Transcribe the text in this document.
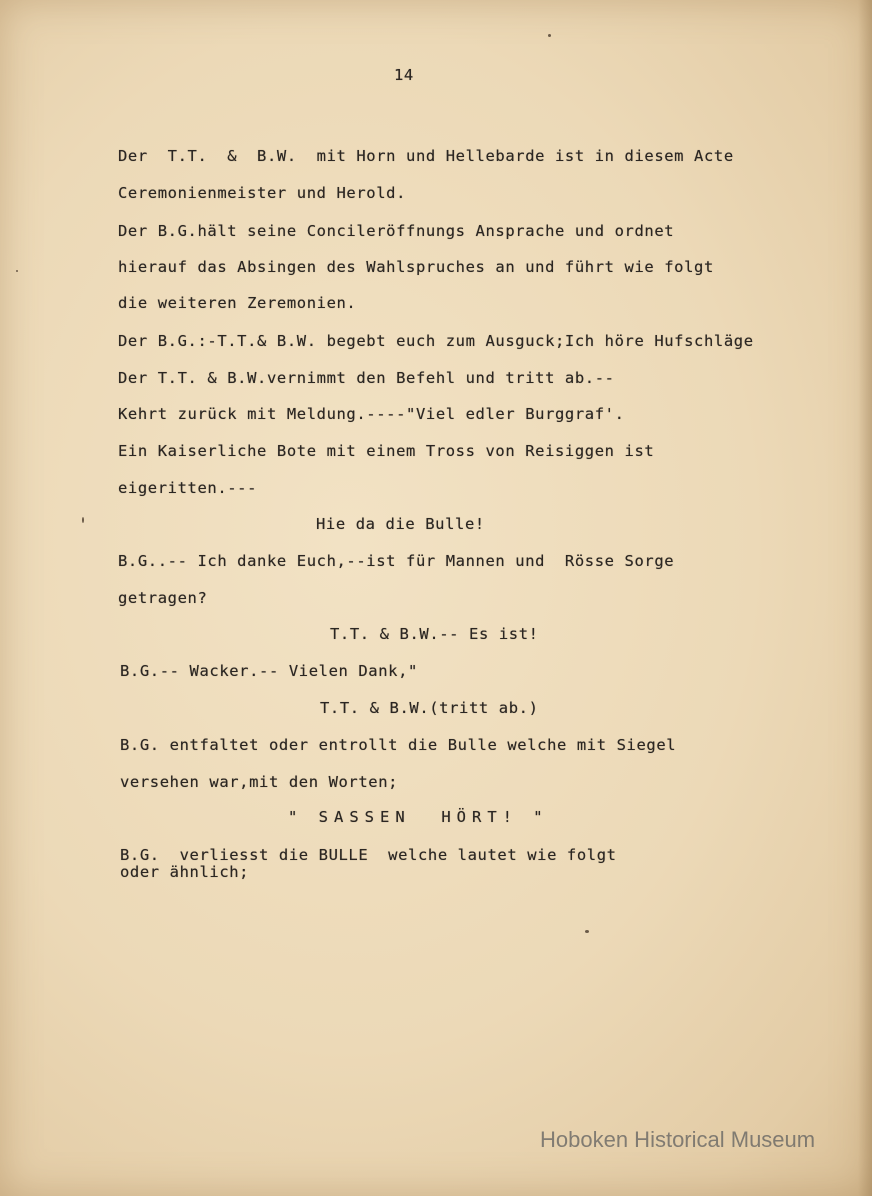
14
Der  T.T.  &  B.W.  mit Horn und Hellebarde ist in diesem Acte
Ceremonienmeister und Herold.
Der B.G.hält seine Concileröffnungs Ansprache und ordnet
hierauf das Absingen des Wahlspruches an und führt wie folgt
die weiteren Zeremonien.
Der B.G.:-T.T.& B.W. begebt euch zum Ausguck;Ich höre Hufschläge
Der T.T. & B.W.vernimmt den Befehl und tritt ab.--
Kehrt zurück mit Meldung.----"Viel edler Burggraf'.
Ein Kaiserliche Bote mit einem Tross von Reisiggen ist
eigeritten.---
Hie da die Bulle!
B.G..-- Ich danke Euch,--ist für Mannen und  Rösse Sorge
getragen?
T.T. & B.W.-- Es ist!
B.G.-- Wacker.-- Vielen Dank,"
T.T. & B.W.(tritt ab.)
B.G. entfaltet oder entrollt die Bulle welche mit Siegel
versehen war,mit den Worten;
" SASSEN  HÖRT! "
B.G.  verliesst die BULLE  welche lautet wie folgt
oder ähnlich;
Hoboken Historical Museum
